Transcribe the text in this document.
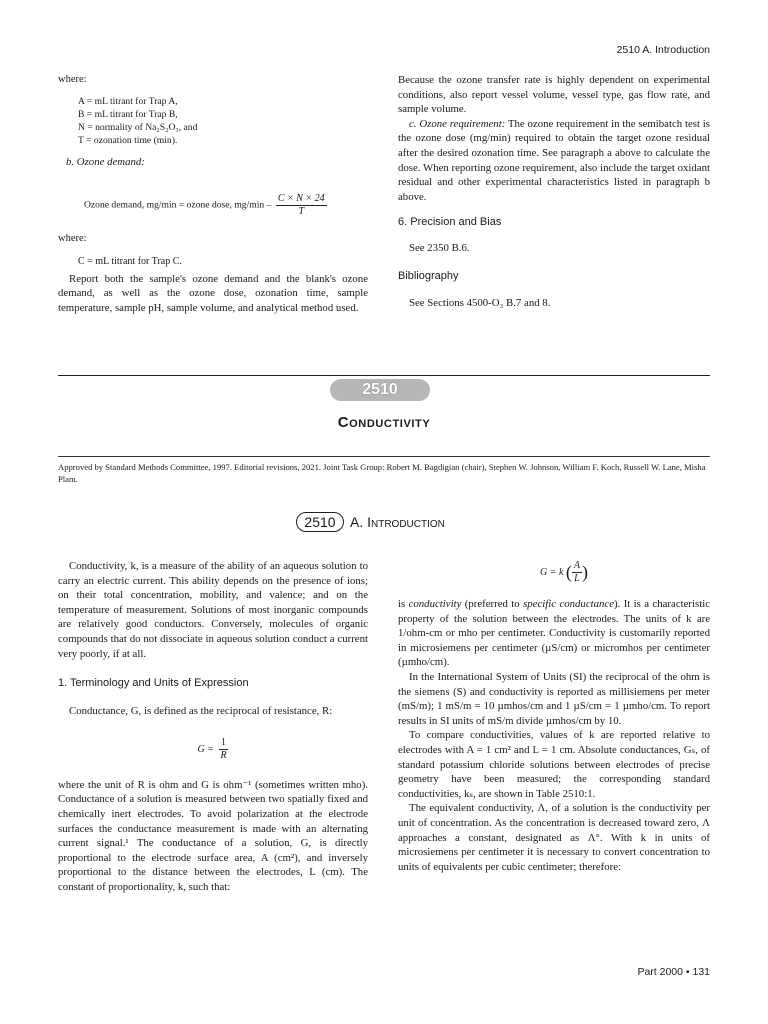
2510 A. Introduction
where:
A = mL titrant for Trap A,
B = mL titrant for Trap B,
N = normality of Na₂S₂O₃, and
T = ozonation time (min).
b. Ozone demand:
Ozone demand, mg/min = ozone dose, $mg/\min - \frac{C \times N \times 24}{T}$
where:
C = mL titrant for Trap C.

Report both the sample's ozone demand and the blank's ozone demand, as well as the ozone dose, ozonation time, sample temperature, sample pH, sample volume, and analytical method used.

Because the ozone transfer rate is highly dependent on experimental conditions, also report vessel volume, vessel type, gas flow rate, and sample volume.

c. Ozone requirement: The ozone requirement in the semibatch test is the ozone dose (mg/min) required to obtain the target ozone residual after the desired ozonation time. See paragraph a above to calculate the dose. When reporting ozone requirement, also include the target oxidant residual and other experimental characteristics listed in paragraph b above.

6. Precision and Bias
See 2350 B.6.
Bibliography
See Sections 4500-O₃ B.7 and 8.
2510
Conductivity
Approved by Standard Methods Committee, 1997. Editorial revisions, 2021. Joint Task Group: Robert M. Bagdigian (chair), Stephen W. Johnson, William F. Koch, Russell W. Lane, Misha Plam.
2510	A. Introduction

Conductivity, k, is a measure of the ability of an aqueous solution to carry an electric current. This ability depends on the presence of ions; on their total concentration, mobility, and valence; and on the temperature of measurement. Solutions of most inorganic compounds are relatively good conductors. Conversely, molecules of organic compounds that do not dissociate in aqueous solution conduct a current very poorly, if at all.

1. Terminology and Units of Expression

Conductance, G, is defined as the reciprocal of resistance, R:

$G = \frac{1}{R}$

where the unit of R is ohm and G is ohm⁻¹ (sometimes written mho). Conductance of a solution is measured between two spatially fixed and chemically inert electrodes. To avoid polarization at the electrode surfaces the conductance measurement is made with an alternating current signal.¹ The conductance of a solution, G, is directly proportional to the electrode surface area, A (cm²), and inversely proportional to the distance between the electrodes, L (cm). The constant of proportionality, k, such that:

G = k ( $\frac{A}{L}$ )

is conductivity (preferred to specific conductance). It is a characteristic property of the solution between the electrodes. The units of k are 1/ohm-cm or mho per centimeter. Conductivity is customarily reported in microsiemens per centimeter (µS/cm) or micromhos per centimeter (µmho/cm).

In the International System of Units (SI) the reciprocal of the ohm is the siemens (S) and conductivity is reported as millisiemens per meter (mS/m); 1 mS/m = 10 µmhos/cm and 1 µS/cm = 1 µmho/cm. To report results in SI units of mS/m divide µmhos/cm by 10.

To compare conductivities, values of k are reported relative to electrodes with A = 1 cm² and L = 1 cm. Absolute conductances, Gₛ, of standard potassium chloride solutions between electrodes of precise geometry have been measured; the corresponding standard conductivities, kₛ, are shown in Table 2510:1.

The equivalent conductivity, Λ, of a solution is the conductivity per unit of concentration. As the concentration is decreased toward zero, Λ approaches a constant, designated as Λ°. With k in units of microsiemens per centimeter it is necessary to convert concentration to units of equivalents per cubic centimeter; therefore:

Part 2000 • 131
